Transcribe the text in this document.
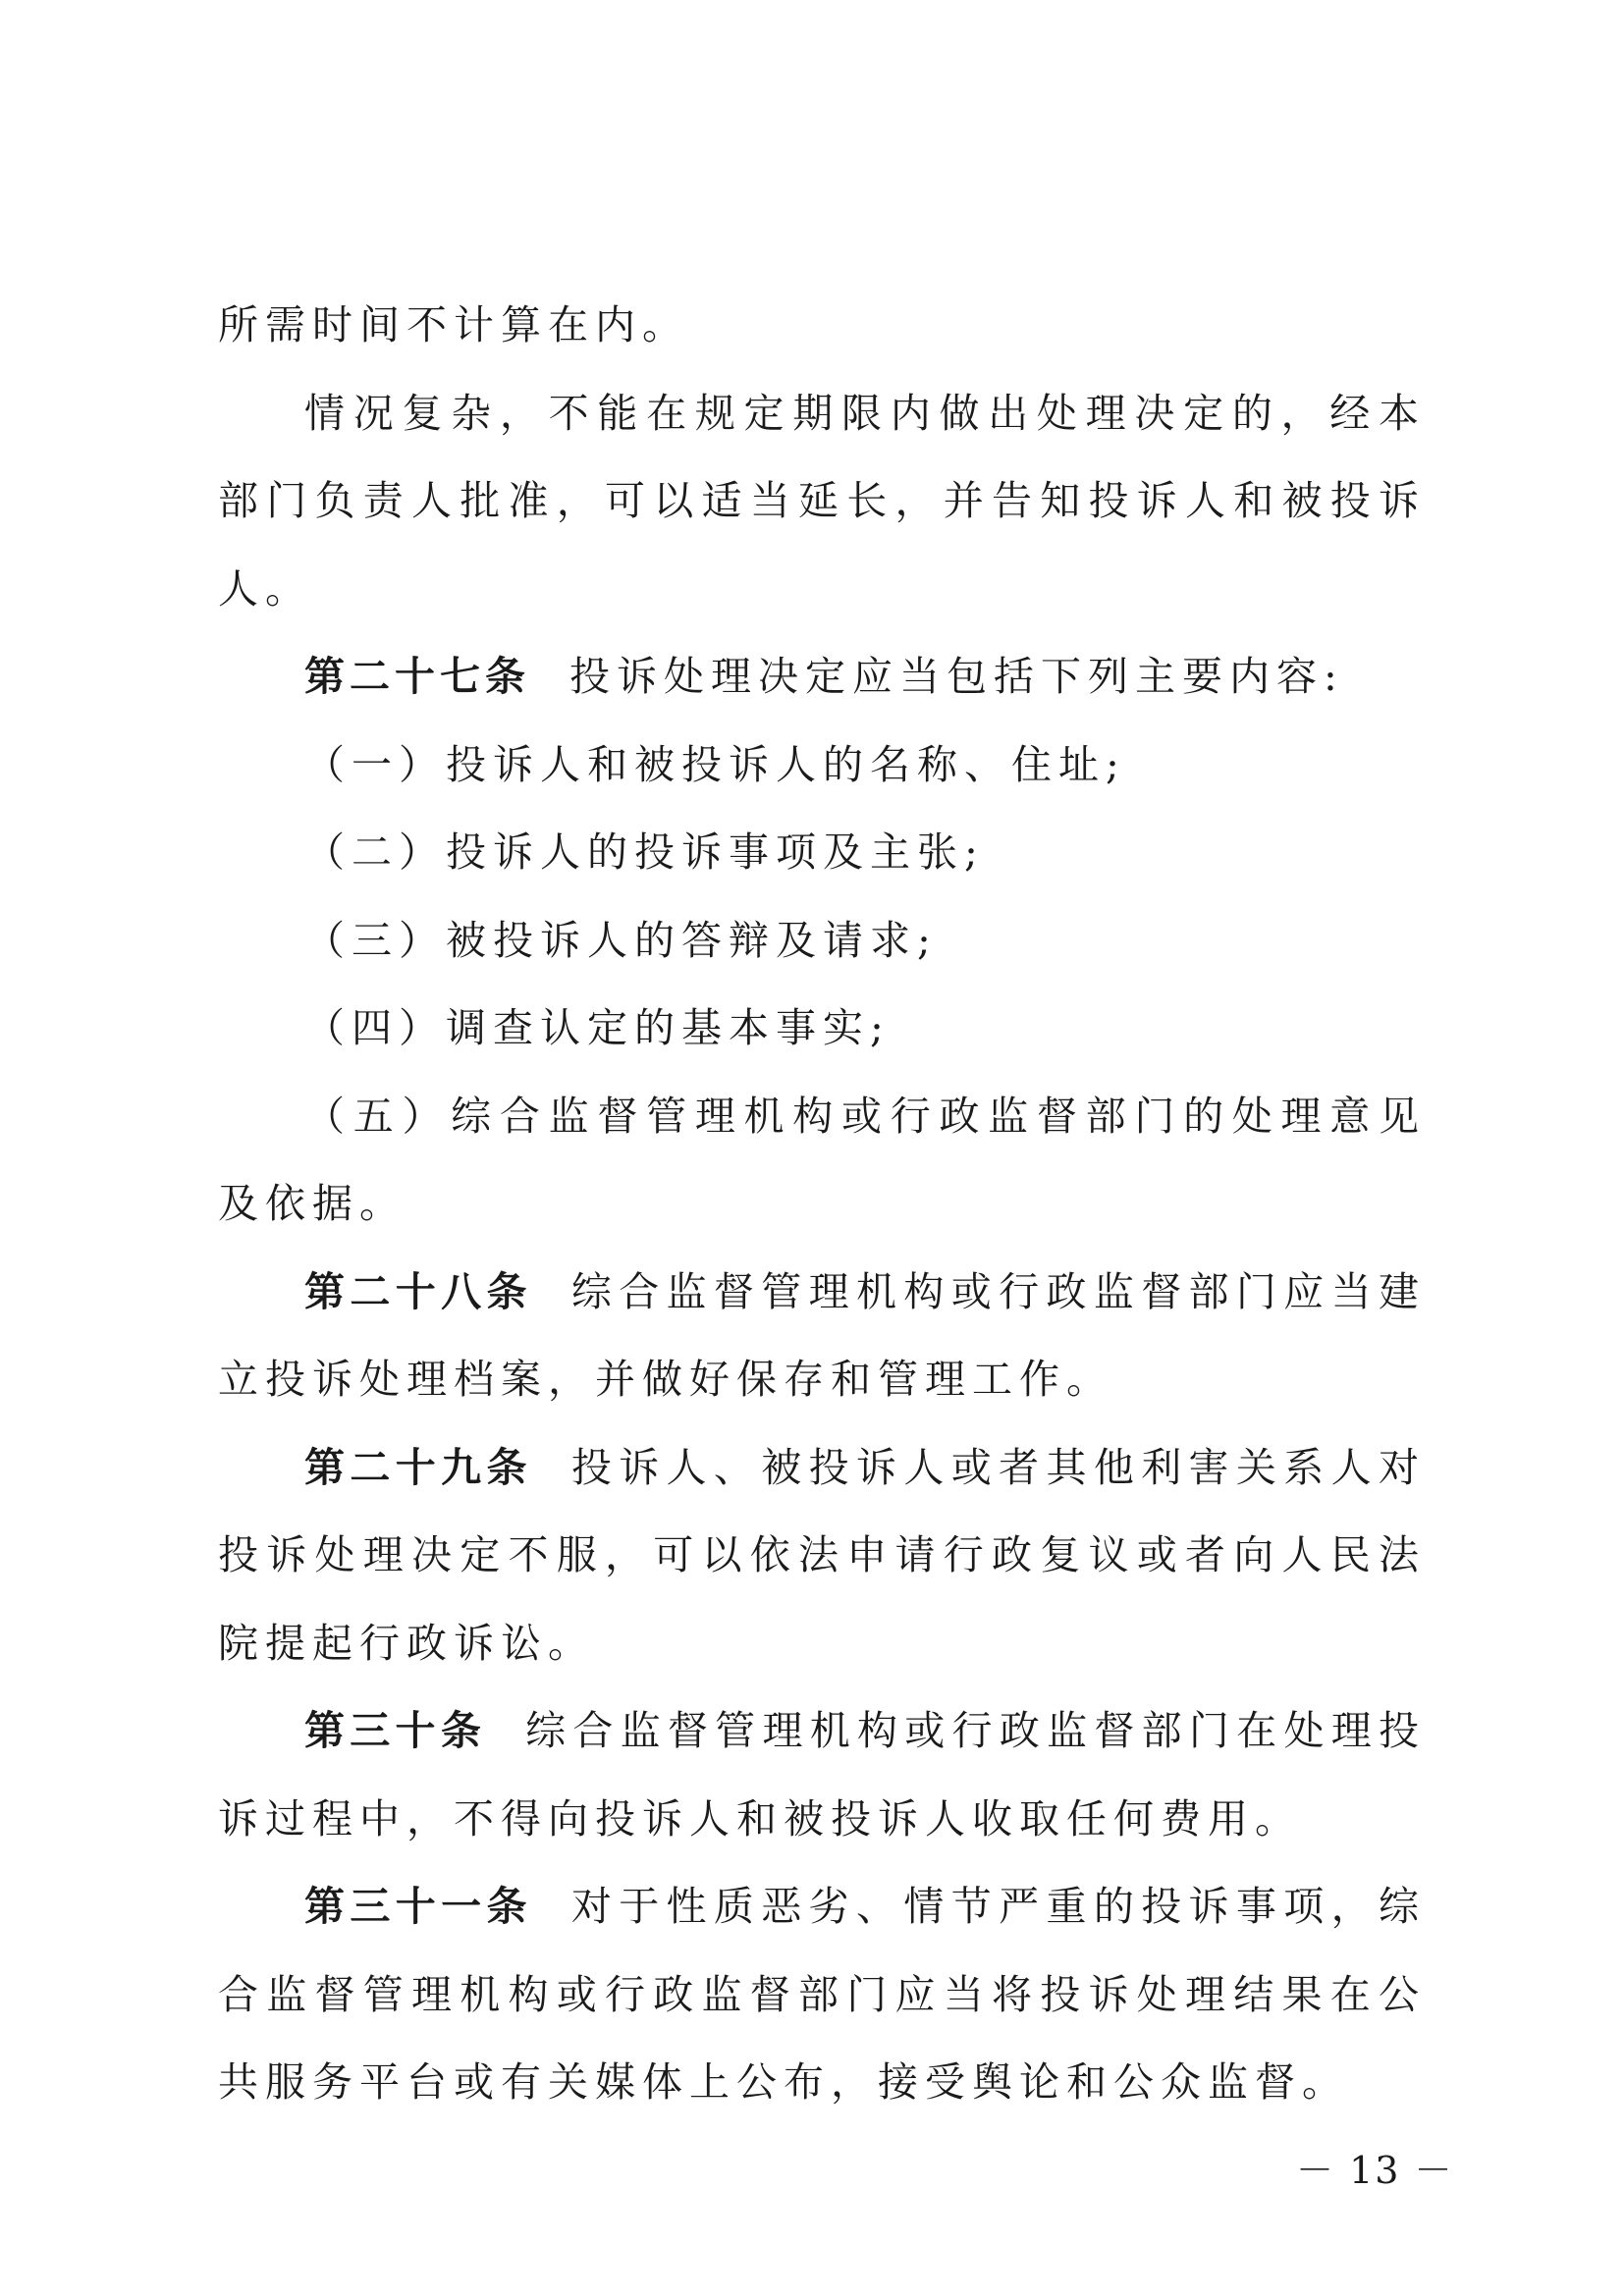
所需时间不计算在内。

情况复杂，不能在规定期限内做出处理决定的，经本部门负责人批准，可以适当延长，并告知投诉人和被投诉人。

第二十七条 投诉处理决定应当包括下列主要内容:

（一）投诉人和被投诉人的名称、住址;

（二）投诉人的投诉事项及主张;

（三）被投诉人的答辩及请求;

（四）调查认定的基本事实;

（五）综合监督管理机构或行政监督部门的处理意见及依据。

第二十八条 综合监督管理机构或行政监督部门应当建立投诉处理档案，并做好保存和管理工作。

第二十九条 投诉人、被投诉人或者其他利害关系人对投诉处理决定不服，可以依法申请行政复议或者向人民法院提起行政诉讼。

第三十条 综合监督管理机构或行政监督部门在处理投诉过程中，不得向投诉人和被投诉人收取任何费用。

第三十一条 对于性质恶劣、情节严重的投诉事项，综合监督管理机构或行政监督部门应当将投诉处理结果在公共服务平台或有关媒体上公布，接受舆论和公众监督。

－ 13 －
